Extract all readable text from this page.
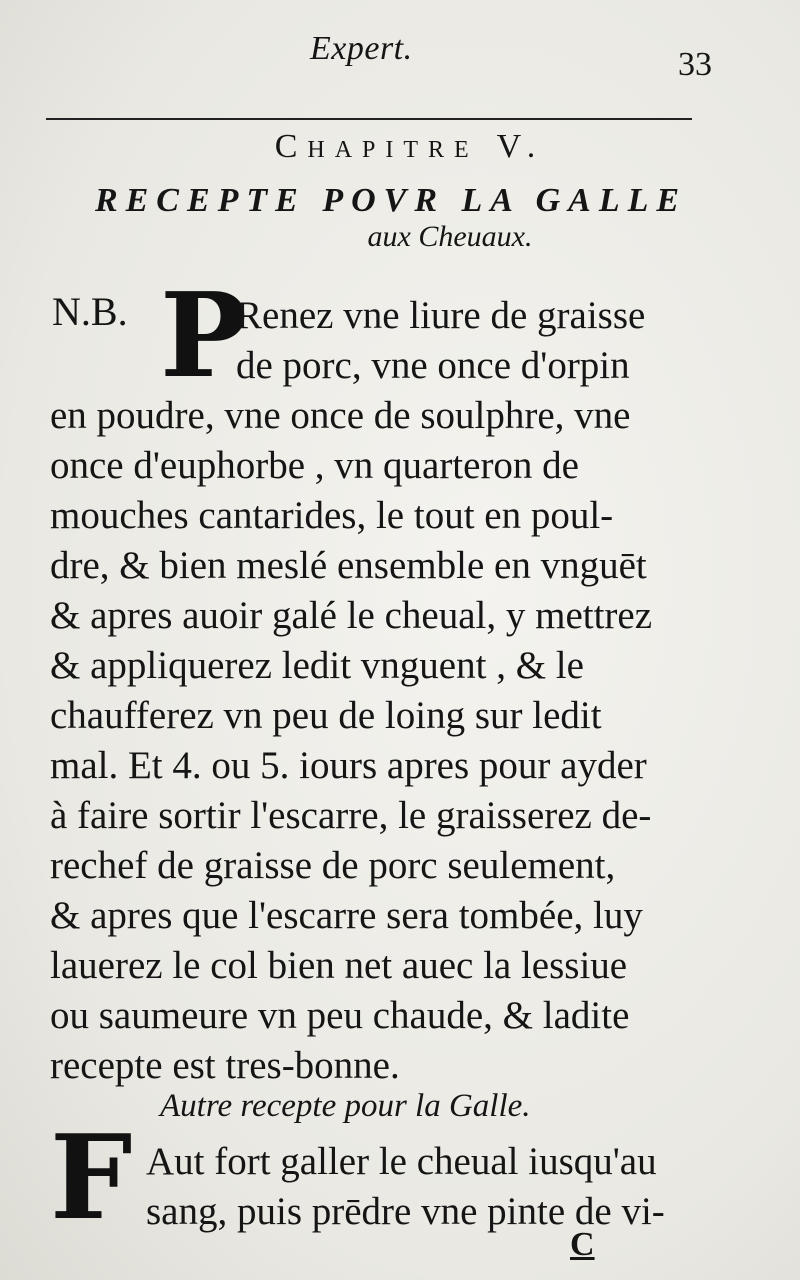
Expert.	33
Chapitre V.
RECEPTE POVR LA GALLE
aux Cheuaux.
N.B. P
Renez vne liure de graisse
de porc, vne once d'orpin
en poudre, vne once de soulphre, vne
once d'euphorbe , vn quarteron de
mouches cantarides, le tout en poul-
dre, & bien meslé ensemble en vnguēt
& apres auoir galé le cheual, y mettrez
& appliquerez ledit vnguent , & le
chaufferez vn peu de loing sur ledit
mal. Et 4. ou 5. iours apres pour ayder
à faire sortir l'escarre, le graisserez de-
rechef de graisse de porc seulement,
& apres que l'escarre sera tombée, luy
lauerez le col bien net auec la lessiue
ou saumeure vn peu chaude, & ladite
recepte est tres-bonne.
Autre recepte pour la Galle.
F Aut fort galler le cheual iusqu'au
sang, puis prēdre vne pinte de vi-
C
